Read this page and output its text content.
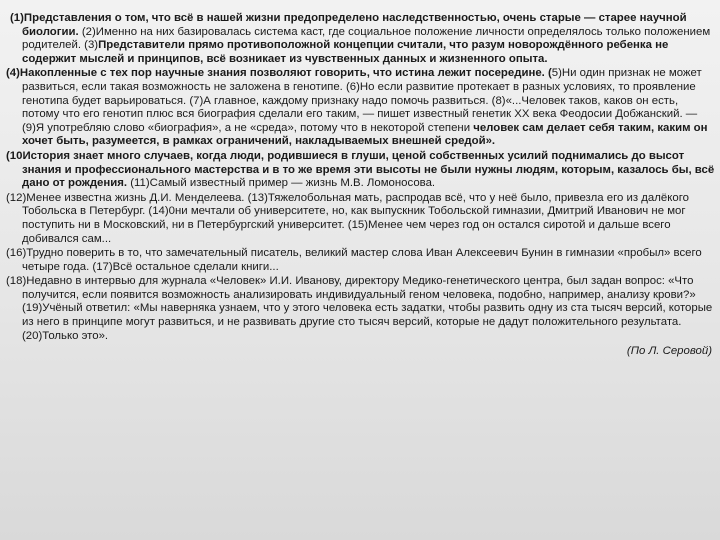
(1)Представления о том, что всё в нашей жизни предопределено наследственностью, очень старые — старее научной биологии. (2)Именно на них базировалась система каст, где социальное положение личности определялось только положением родителей. (3)Представители прямо противоположной концепции считали, что разум новорождённого ребенка не содержит мыслей и принципов, всё возникает из чувственных данных и жизненного опыта.

(4)Накопленные с тех пор научные знания позволяют говорить, что истина лежит посередине. (5)Ни один признак не может развиться, если такая возможность не заложена в генотипе. (6)Но если развитие протекает в разных условиях, то проявление генотипа будет варьироваться. (7)А главное, каждому признаку надо помочь развиться. (8)«...Человек таков, каков он есть, потому что его генотип плюс вся биография сделали его таким, — пишет известный генетик XX века Феодосии Добжанский. — (9)Я употребляю слово «биография», а не «среда», потому что в некоторой степени человек сам делает себя таким, каким он хочет быть, разумеется, в рамках ограничений, накладываемых внешней средой».

(10История знает много случаев, когда люди, родившиеся в глуши, ценой собственных усилий поднимались до высот знания и профессионального мастерства и в то же время эти высоты не были нужны людям, которым, казалось бы, всё дано от рождения. (11)Самый известный пример — жизнь М.В. Ломоносова.

(12)Менее известна жизнь Д.И. Менделеева. (13)Тяжелобольная мать, распродав всё, что у неё было, привезла его из далёкого Тобольска в Петербург. (14)0ни мечтали об университете, но, как выпускник Тобольской гимназии, Дмитрий Иванович не мог поступить ни в Московский, ни в Петербургский университет. (15)Менее чем через год он остался сиротой и дальше всего добивался сам...

(16)Трудно поверить в то, что замечательный писатель, великий мастер слова Иван Алексеевич Бунин в гимназии «пробыл» всего четыре года. (17)Всё остальное сделали книги...

(18)Недавно в интервью для журнала «Человек» И.И. Иванову, директору Медико-генетического центра, был задан вопрос: «Что получится, если появится возможность анализировать индивидуальный геном человека, подобно, например, анализу крови?» (19)Учёный ответил: «Мы наверняка узнаем, что у этого человека есть задатки, чтобы развить одну из ста тысяч версий, которые из него в принципе могут развиться, и не развивать другие сто тысяч версий, которые не дадут положительного результата. (20)Только это».

(По Л. Серовой)
